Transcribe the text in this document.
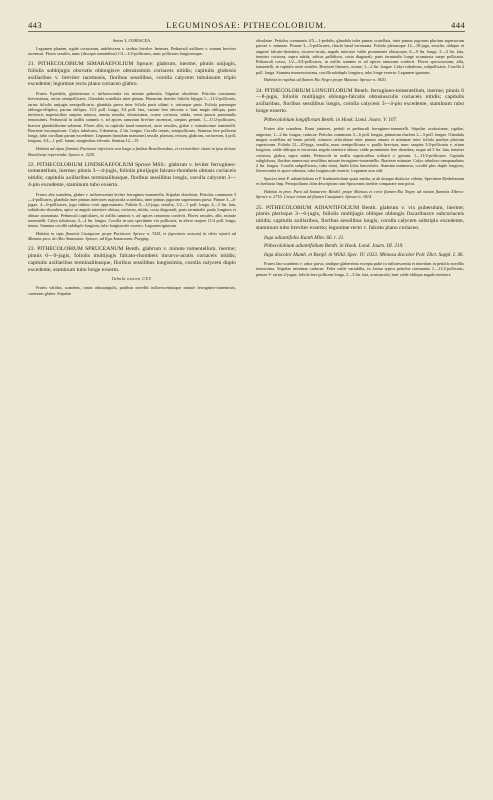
443	LEGUMINOSAE: PITHECOLOBIUM.	444

Series 3. CORIACEA.

Legumen planum, rigide coriaceum, indehiscens v. tardius bivalve. Inermes. Pedunculi axillares v. summi breviter racemosi. Flores sessiles, nunc (discque staminibus) 1/3—1/2-pollicares, nunc pollicares longioresque.

21. PITHECOLOBIUM SIMARAEFOLIUM Spruce: glabrum, inerme; pinnis unijugis, foliolis subbijugis obovatis oblongisve obtusissimis coriaceis nitidis; capitulis globosis axillaribus v. breviter racemosis, floribus sessilibus, corolla calycem tubulosum triplo excedente; legumine recto plano coriaceo glabro.

Frutex 8-pedalis, glaberrimus v. inflorescentia vix minute puberula. Stipulae obsoletae. Petiolus communis brevissimus, rarius semipollicaris. Glandula scutellata inter pinnas. Pinnarum rhachis foliolis bijugis 1—11/2-pollicaris, rarius foliolis unijugis semipollicaris; glandula parva inter foliola paris ultimi v. utriusque paris. Foliola parumque oblongo-elliptica, parum obliqua, 11/2 poll. longa, 3/4 poll. lata, variant fere obovata v. basi magis obliqua, paris inferioris superioribus saepius minora, omnia sessilia, obtusissima, crasse coriacea, nitida, venis paucis prominulis tenuissimis. Pedunculi in axillis summis v. ad apices ramorum breviter racemosi, saepius gemini, 1—11/2-pollicares, bractea glanduliforme subtensi. Flores albi, in capitulo haud numerosi, arcte sessiles, glabri v. minutissime tomentelli. Bracteae inconspicuae. Calyx tubulosus, 5-dentatus, 2 lin. longus. Corolla tenuis, semipollicaris. Stamina fere pollicem longa, tubo corollam parum excedente. Legumen (nondum maturum) sessile, planum, rectum, glabrum, coriaceum, 4 poll. longum, 3/4—1 poll. latum, marginibus elevatis. Semina 12—15.

Habitat ad ripas fluminis Pacimoni inferioris non longe a finibus Brasiliensibus, et verisimiliter etiam in ipsa ditione Brasiliensi reperienda: Spruce n. 3229.

22. PITHECOLOBIUM LINDSEAEFOLIUM Spruce MSS.: glabrum v. leviter ferrugineo-tomentellum, inerme; pinnis 3—4-jugis, foliolis plurijugis falcato-rhombeis obtusis coriaceis nitidis; capitulis axillaribus terminalibusque, floribus sessilibus longis, corolla calycem 3—4-plo excedente, staminum tubo exserto.

Frutex alte scandens, glaber v. inflorescentia leviter ferrugineo-tomentella. Stipulae obsoletae. Petiolus communis 3—4-pollicaris, glandula inter pinnas inferiores majuscula scutellata, inter pinnas jugorum superiorum parva. Pinnae 3—4-jugae, 4—6-pollicares, jugo infimo costi approximato. Foliola 8—12-juga, sessilia, 1/2—1 poll. longa, 4—5 lin. lata, subfalcato-rhombea, apice ut angulo interiore obtusa, coriacea, nitida, costa diagonali; paris terminalis paulo longiora et obtuse acuminata. Pedunculi capitulares, in axillis summis v. ad apices ramorum confecti. Flores sessiles, albi, minute tomentelli. Calyx tubulosus, 3—4 lin. longus. Corolla in uno specimine vix pollicaris, in altero majore 11/4 poll. longa, tenuis. Stamina corollà subduplo longiora, tubo longiuscule exserto. Legumen ignotum.

Habitat in ripis fluminis Casiquiare prope Pacimoni: Spruce n. 3325, et (specimen unicum) in silvis riparii ad Manaos prov. do Alto Amazonas: Spruce; ad Ega Amazonum: Poeppig.

23. PITHECOLOBIUM SPRUCEANUM Benth. glabrum v. minute tomentellum, inerme; pinnis 6—9-jugis, foliolis multijugis falcato-rhombeis incurvo-acutis coriaceis nitidis; capitulis axillaribus terminalibusque, floribus sessilibus longissimis, corolla calycem duplo excedente, staminum tubo longe exserto.

Tabula nostra CXV.

Frutex validus, scandens, ramis obtusangulis, partibus novellis inflorescentiisque minute ferrugineo-tomentosis, caeterum glaber. Stipulae

obsoletae. Petiolus communis 4/5—1-pedalis; glandula infra pinnas scutellata, inter pinnas jugorum plurium superiorum parvae v. minutae. Pinnae 3—5-pollicares, rhachi haud incrassata. Foliola plerumque 12—18-juga, sessilia, oblique et anguste falcato-rhombea, incurvo-acuta, angulo interiore valde prominente obtusoque, 6—9 lin. longa, 3—4 lin. lata, tenuiter coriacea, supra nitida, subtus pallidiora, costa diagonali; paris terminalis longe acuminata saepe pollicaria. Pedunculi crassi, 1/2—3/4-pollicares, in axillis summis et ad apices ramorum confecti. Flores speciosissimi, albi, tomentelli, in capitulo arcte sessiles. Bracteae lineares, acutae, 1—2 lin. longae. Calyx tubulosus, subpollicaris. Corolla 2 poll. longa. Stamina numerosissima, corollà subduplo longiora, tubo longe exserto. Legumen ignotum.

Habitat in rupibus ad flumen Rio Negro prope Manaos: Spruce n. 1820.

24. PITHECOLOBIUM LONGIFLORUM Benth. ferrugineo-tomentellum, inerme; pinnis 6—8-jugis, foliolis multijugis oblongo-falcatis obtusiusculis coriaceis nitidis; capitulis axillaribus, floribus sessilibus longis, corolla calycem 3—4-plo excedente, staminum tubo longe exserto.

Pithecolobium longiflorum Benth. in Hook. Lond. Journ. V. 107.

Frutex alte scandens. Rami juniores, petioli et pedunculi ferrugineo-tomentelli. Stipulae acutissimae, rigidae, angustae, 1—2 lin. longae, caducae. Petiolus communis 3—6 poll. longus, pinnarum rhachea 2—3 poll. longae. Glandula magna scutellata ad basin petioli, minores orbiculatae inter pinnas omnes et minimae inter foliola paribus plurium superiorum. Foliola 12—20-juga, sessilia, nunc semipollicaria v. paullo breviora, nunc saepius 3/4-pollicaria v. etiam longiora, valde obliqua et incurvata angulo interiore obtuso valde prominente fere rhombea, usque ad 3 lin. lata, tenuiter coriacea, glabra, supra nitida. Pedunculi in axillis superioribus solitarii v. gemini, 1—11/2-pollicares. Capitula subglobosa, floribus numerosis sessilibus minute ferrugineo-tomentellis. Bracteae minutae. Calyx tubuloso-campanulatus 2 lin. longus. Corolla subpollicaris, tubo tenui, limbi lobis lanceolatis. Stamina numerosa, corollà plus duplo longiora, flavescentia et apice rubentia, tubo longiuscule exserto. Legumen non vidi.

Species inter P. adiantifolium et P. lindseaefolium quasi media, at ab utraque distincta videtur. Specimen Riedelianum ex herbario Imp. Petropolitano olim descriptum cum Spruceanis inedite comparare non potui.

Habitat in prov. Para ad Santarem: Riedel; prope Manaos et certe flumen Rio Negro ad ostium fluminis Xiberu: Spruce n. 2716. Cresce etiam ad flumen Casiquiari: Spruce n. 3414.

25. PITHECOLOBIUM ADIANTIFOLIUM Benth. glabrum v. vix puberulum, inerme; pinnis plerisque 3—6-jugis, foliolis multijugis oblique oblongis fiscaribusve subcoriaceis nitidis; capitulis axillaribus, floribus sessilibus longis, corolla calycem subtriplo excedente, staminum tubo breviter exserto; legumine recto v. falcato plano coriaceo.

Inga adiantifolia Kunth Mim. 66. t. 21.

Pithecolobium adiantifolium Benth. in Hook. Lond. Journ. III. 219.

Inga discolor Humb. et Bonpl. in Willd. Spec. IV. 1023. Mimosa discolor Poir. Dict. Suppl. I. 46.

Frutex late scandens v. arbor parva, undique glaberrima excepta pube in inflorescentia et interdum in petiolis novellis tenuissima. Stipulae minimae caducae. Folia valde variabilia, in forma typica petiolus communis 1—11/2-pollicaris, pinnae 3- rarius 2-jugae, foliola fere pollicem longa, 2—3 lin. lata, acutiuscula, basi valde obliqua angulo interiore
